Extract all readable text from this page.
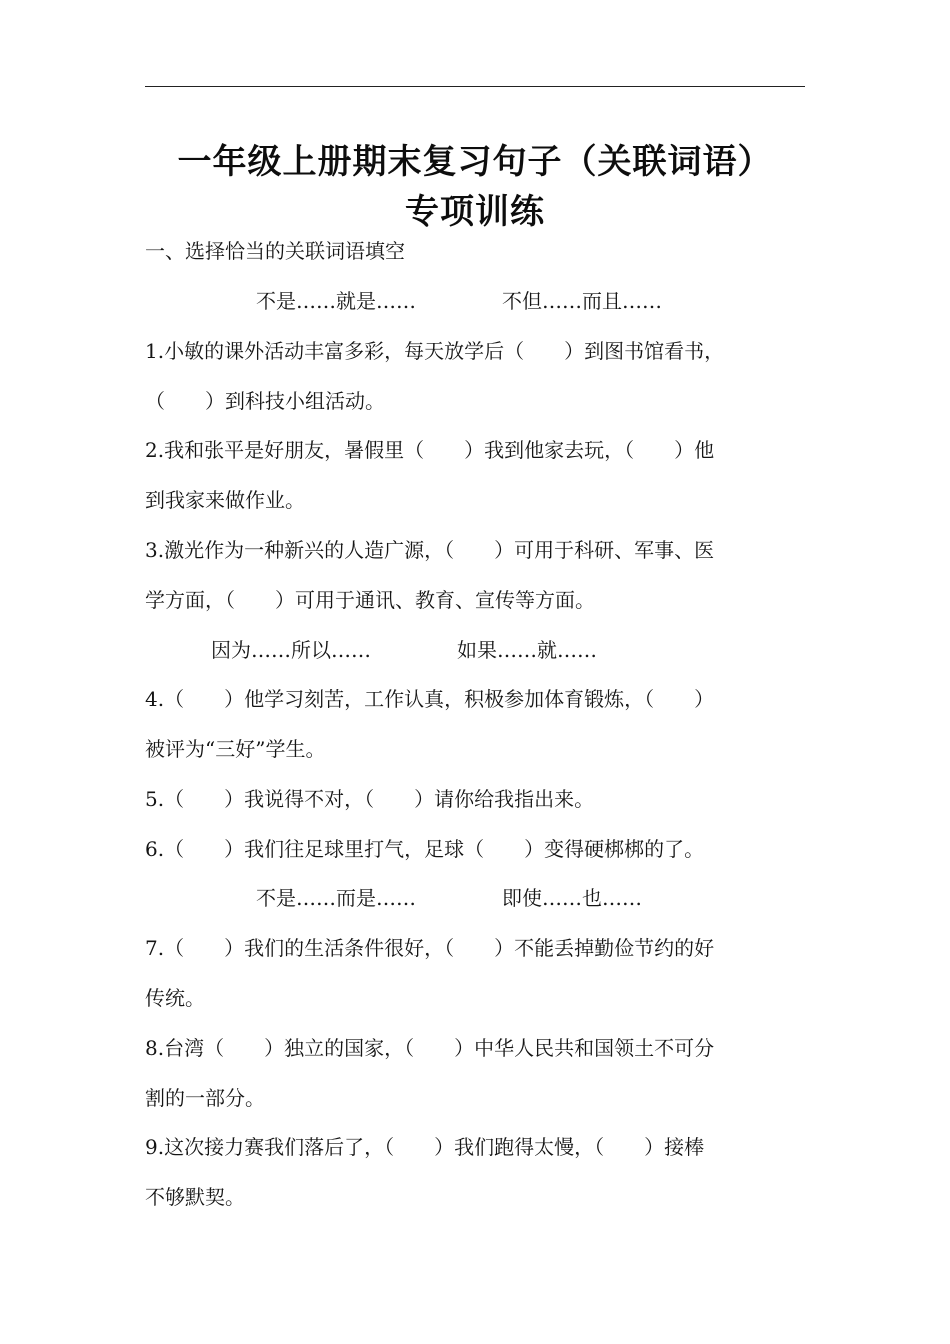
一年级上册期末复习句子（关联词语）
专项训练
一、选择恰当的关联词语填空
不是……就是……	不但……而且……
1.小敏的课外活动丰富多彩，每天放学后（　　）到图书馆看书，
（　　）到科技小组活动。
2.我和张平是好朋友，暑假里（　　）我到他家去玩，（　　）他
到我家来做作业。
3.激光作为一种新兴的人造广源，（　　）可用于科研、军事、医
学方面，（　　）可用于通讯、教育、宣传等方面。
因为……所以……	如果……就……
4.（　　）他学习刻苦，工作认真，积极参加体育锻炼，（　　）
被评为“三好”学生。
5.（　　）我说得不对，（　　）请你给我指出来。
6.（　　）我们往足球里打气，足球（　　）变得硬梆梆的了。
不是……而是……	即使……也……
7.（　　）我们的生活条件很好，（　　）不能丢掉勤俭节约的好
传统。
8.台湾（　　）独立的国家，（　　）中华人民共和国领土不可分
割的一部分。
9.这次接力赛我们落后了，（　　）我们跑得太慢，（　　）接棒
不够默契。
